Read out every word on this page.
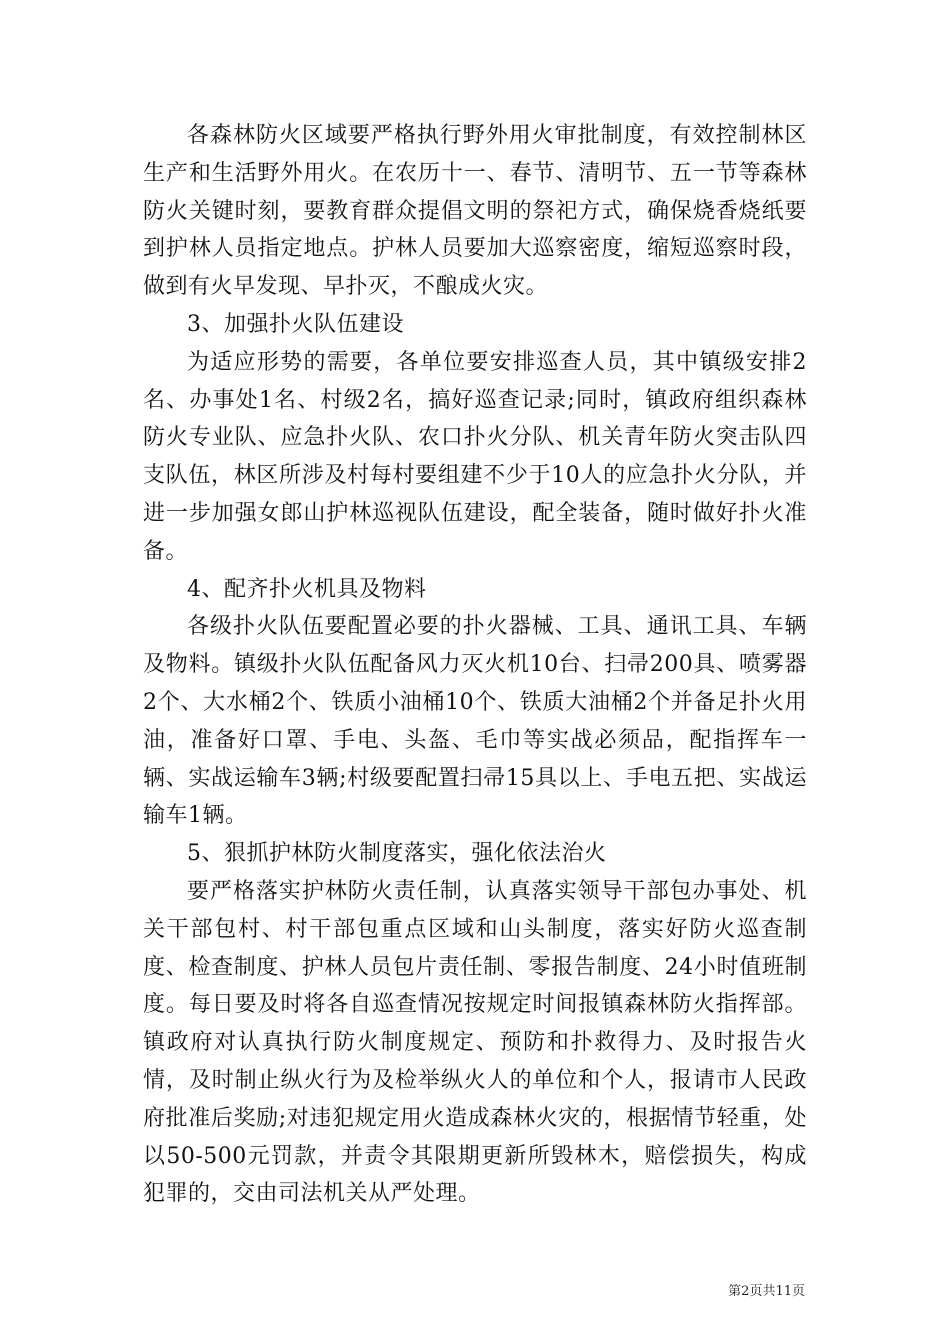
各森林防火区域要严格执行野外用火审批制度，有效控制林区生产和生活野外用火。在农历十一、春节、清明节、五一节等森林防火关键时刻，要教育群众提倡文明的祭祀方式，确保烧香烧纸要到护林人员指定地点。护林人员要加大巡察密度，缩短巡察时段，做到有火早发现、早扑灭，不酿成火灾。

3、加强扑火队伍建设

为适应形势的需要，各单位要安排巡查人员，其中镇级安排2名、办事处1名、村级2名，搞好巡查记录;同时，镇政府组织森林防火专业队、应急扑火队、农口扑火分队、机关青年防火突击队四支队伍，林区所涉及村每村要组建不少于10人的应急扑火分队，并进一步加强女郎山护林巡视队伍建设，配全装备，随时做好扑火准备。

4、配齐扑火机具及物料

各级扑火队伍要配置必要的扑火器械、工具、通讯工具、车辆及物料。镇级扑火队伍配备风力灭火机10台、扫帚200具、喷雾器2个、大水桶2个、铁质小油桶10个、铁质大油桶2个并备足扑火用油，准备好口罩、手电、头盔、毛巾等实战必须品，配指挥车一辆、实战运输车3辆;村级要配置扫帚15具以上、手电五把、实战运输车1辆。

5、狠抓护林防火制度落实，强化依法治火

要严格落实护林防火责任制，认真落实领导干部包办事处、机关干部包村、村干部包重点区域和山头制度，落实好防火巡查制度、检查制度、护林人员包片责任制、零报告制度、24小时值班制度。每日要及时将各自巡查情况按规定时间报镇森林防火指挥部。镇政府对认真执行防火制度规定、预防和扑救得力、及时报告火情，及时制止纵火行为及检举纵火人的单位和个人，报请市人民政府批准后奖励;对违犯规定用火造成森林火灾的，根据情节轻重，处以50-500元罚款，并责令其限期更新所毁林木，赔偿损失，构成犯罪的，交由司法机关从严处理。

第2页共11页
